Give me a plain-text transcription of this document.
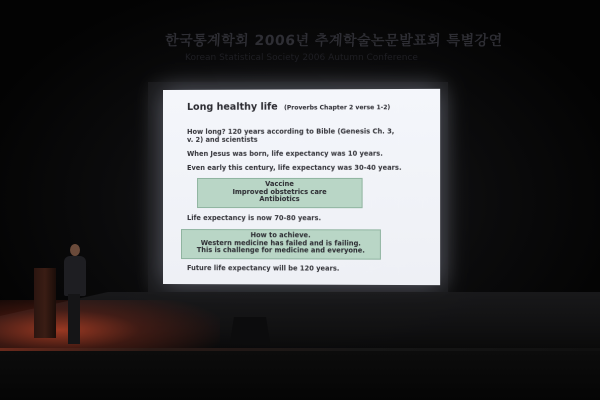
한국통계학회 2006년 추계학술논문발표회 특별강연
Korean Statistical Society 2006 Autumn Conference
Long healthy life (Proverbs Chapter 2 verse 1-2)
How long? 120 years according to Bible (Genesis Ch. 3,
v. 2) and scientists
When Jesus was born, life expectancy was 10 years.
Even early this century, life expectancy was 30-40 years.
Vaccine
Improved obstetrics care
Antibiotics
Life expectancy is now 70-80 years.
How to achieve.
Western medicine has failed and is failing.
This is challenge for medicine and everyone.
Future life expectancy will be 120 years.
